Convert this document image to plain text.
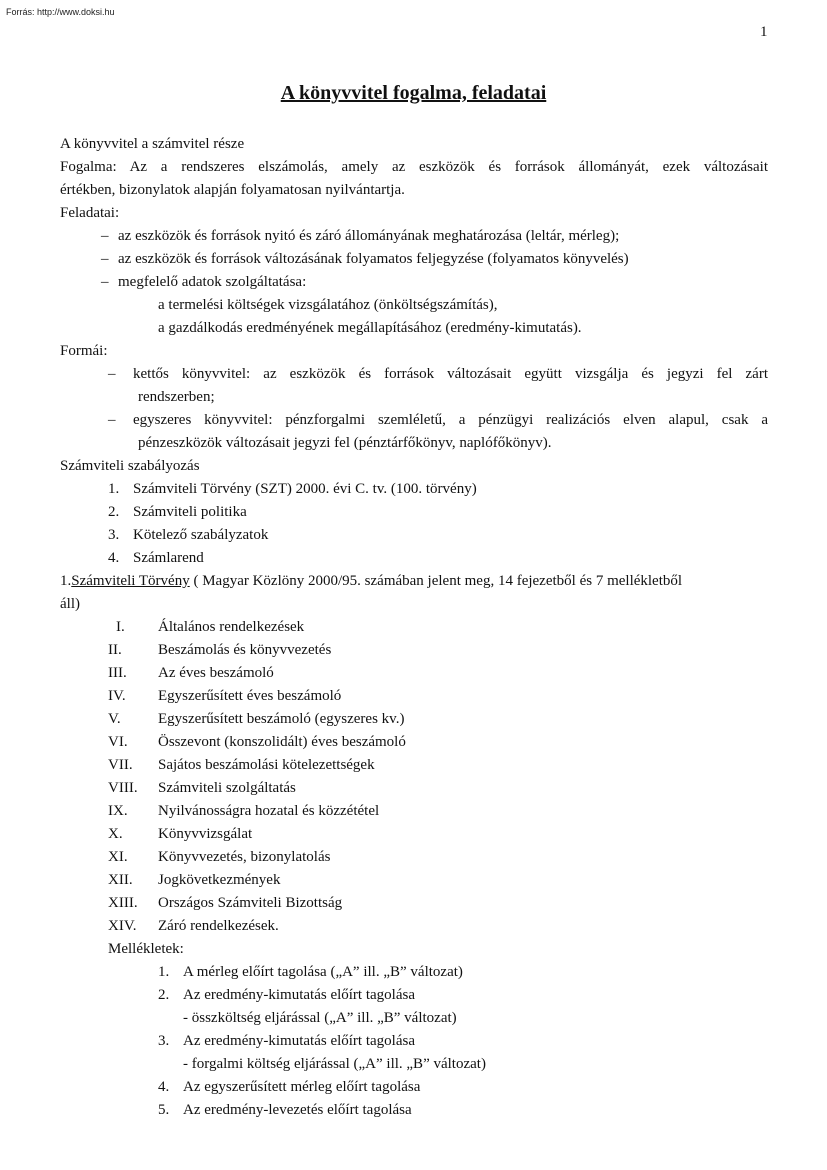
Forrás: http://www.doksi.hu
1
A könyvvitel fogalma, feladatai
A könyvvitel a számvitel része
Fogalma: Az a rendszeres elszámolás, amely az eszközök és források állományát, ezek változásait
értékben, bizonylatok alapján folyamatosan nyilvántartja.
Feladatai:
– az eszközök és források nyitó és záró állományának meghatározása (leltár, mérleg);
– az eszközök és források változásának folyamatos feljegyzése (folyamatos könyvelés)
– megfelelő adatok szolgáltatása:
a termelési költségek vizsgálatához (önköltségszámítás),
a gazdálkodás eredményének megállapításához (eredmény-kimutatás).
Formái:
– kettős könyvvitel: az eszközök és források változásait együtt vizsgálja és jegyzi fel zárt
rendszerben;
– egyszeres könyvvitel: pénzforgalmi szemléletű, a pénzügyi realizációs elven alapul, csak a
pénzeszközök változásait jegyzi fel (pénztárfőkönyv, naplófőkönyv).
Számviteli szabályozás
1. Számviteli Törvény (SZT) 2000. évi C. tv. (100. törvény)
2. Számviteli politika
3. Kötelező szabályzatok
4. Számlarend
1.Számviteli Törvény ( Magyar Közlöny 2000/95. számában jelent meg, 14 fejezetből és 7 mellékletből
áll)
I.	Általános rendelkezések
II.	Beszámolás és könyvvezetés
III.	Az éves beszámoló
IV.	Egyszerűsített éves beszámoló
V.	Egyszerűsített beszámoló (egyszeres kv.)
VI.	Összevont (konszolidált) éves beszámoló
VII.	Sajátos beszámolási kötelezettségek
VIII.	Számviteli szolgáltatás
IX.	Nyilvánosságra hozatal és közzététel
X.	Könyvvizsgálat
XI.	Könyvvezetés, bizonylatolás
XII.	Jogkövetkezmények
XIII.	Országos Számviteli Bizottság
XIV.	Záró rendelkezések.
Mellékletek:
1. A mérleg előírt tagolása („A” ill. „B” változat)
2. Az eredmény-kimutatás előírt tagolása
- összköltség eljárással („A” ill. „B” változat)
3. Az eredmény-kimutatás előírt tagolása
- forgalmi költség eljárással („A” ill. „B” változat)
4. Az egyszerűsített mérleg előírt tagolása
5. Az eredmény-levezetés előírt tagolása
